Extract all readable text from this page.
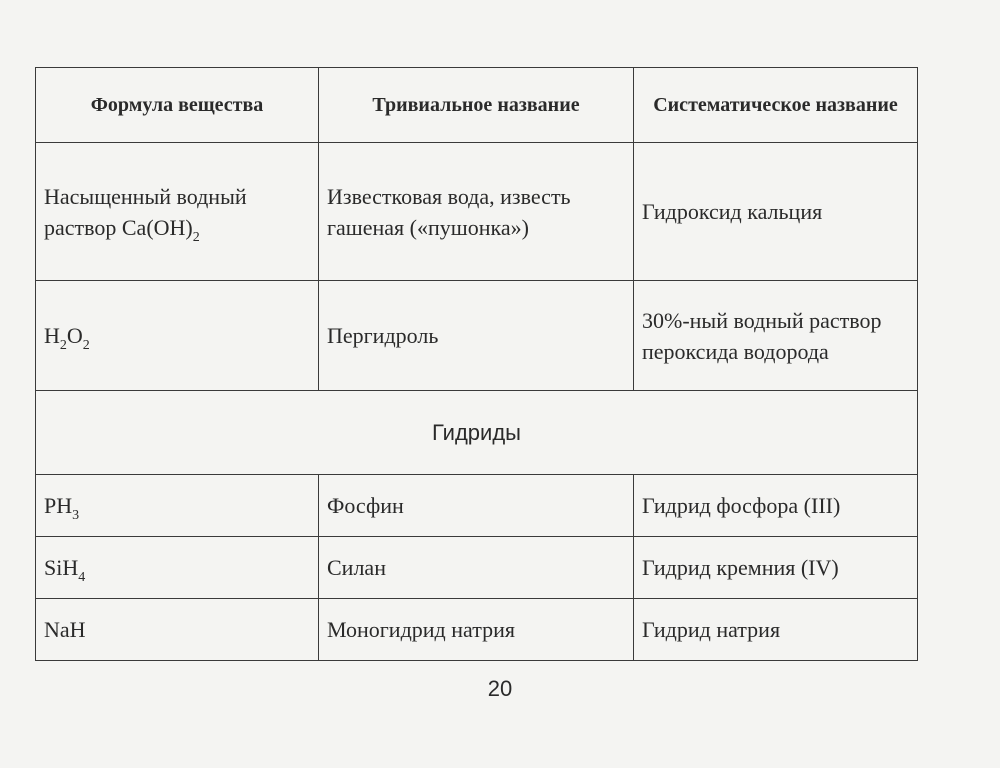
Формула вещества	Тривиальное название	Систематическое название
Насыщенный водный раствор $Ca(OH)_2$	Известковая вода, известь гашеная («пушонка»)	Гидроксид кальция
$H_2O_2$	Пергидроль	30%-ный водный раствор пероксида водорода
Гидриды		
$PH_3$	Фосфин	Гидрид фосфора (III)
SiH$_4$	Силан	Гидрид кремния (IV)
NaH	Моногидрид натрия	Гидрид натрия
20
